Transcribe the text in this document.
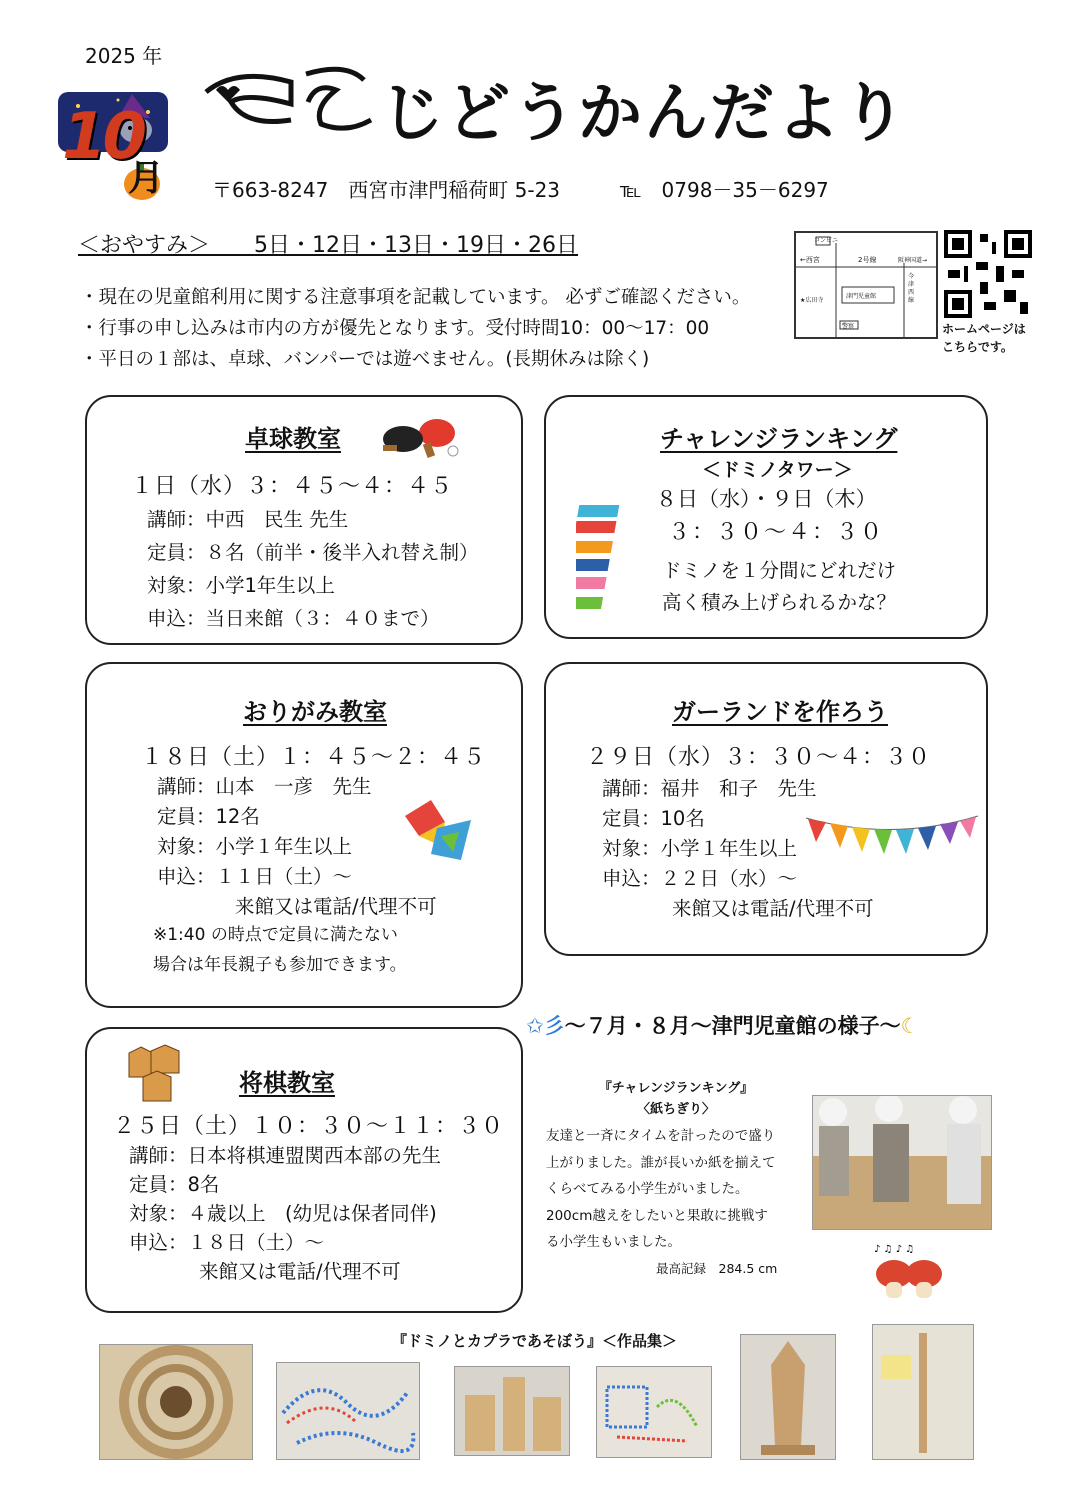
2025 年
10
月
じどうかんだより
〒663-8247　西宮市津門稲荷町 5-23　　　℡　0798－35－6297
＜おやすみ＞　　 5日・12日・13日・19日・26日
・現在の児童館利用に関する注意事項を記載しています。 必ずご確認ください。
・行事の申し込みは市内の方が優先となります。受付時間10：00～17：00
・平日の１部は、卓球、バンパーでは遊べません。(長期休みは除く)
コンビニ
←西宮	2号線	阪神国道→
★広田寺
津門児童館
今津西線
警察	ホームページは
こちらです。
卓球教室
１日（水）３：４５～４：４５
講師：中西　民生 先生
定員：８名（前半・後半入れ替え制）
対象：小学1年生以上
申込：当日来館（３：４０まで）
チャレンジランキング
＜ドミノタワー＞
８日（水）・９日（木）
３：３０～４：３０
ドミノを１分間にどれだけ
高く積み上げられるかな？
おりがみ教室
１８日（土）１：４５～２：４５
講師：山本　一彦　先生
定員：12名
対象：小学１年生以上
申込：１１日（土）～
来館又は電話/代理不可
※1:40 の時点で定員に満たない
場合は年長親子も参加できます。
ガーランドを作ろう
２９日（水）３：３０～４：３０
講師：福井　和子　先生
定員：10名
対象：小学１年生以上
申込：２２日（水）～
来館又は電話/代理不可
✩彡～７月・８月～津門児童館の様子～☾
将棋教室
２５日（土）１０：３０～１１：３０
講師：日本将棋連盟関西本部の先生
定員：8名
対象：４歳以上　(幼児は保者同伴)
申込：１８日（土）～
来館又は電話/代理不可
『チャレンジランキング』
〈紙ちぎり〉
友達と一斉にタイムを計ったので盛り
上がりました。誰が長いか紙を揃えて
くらべてみる小学生がいました。
200cm越えをしたいと果敢に挑戦す
る小学生もいました。
最高記録　284.5 cm
♪ ♫ ♪ ♫
『ドミノとカプラであそぼう』＜作品集＞
